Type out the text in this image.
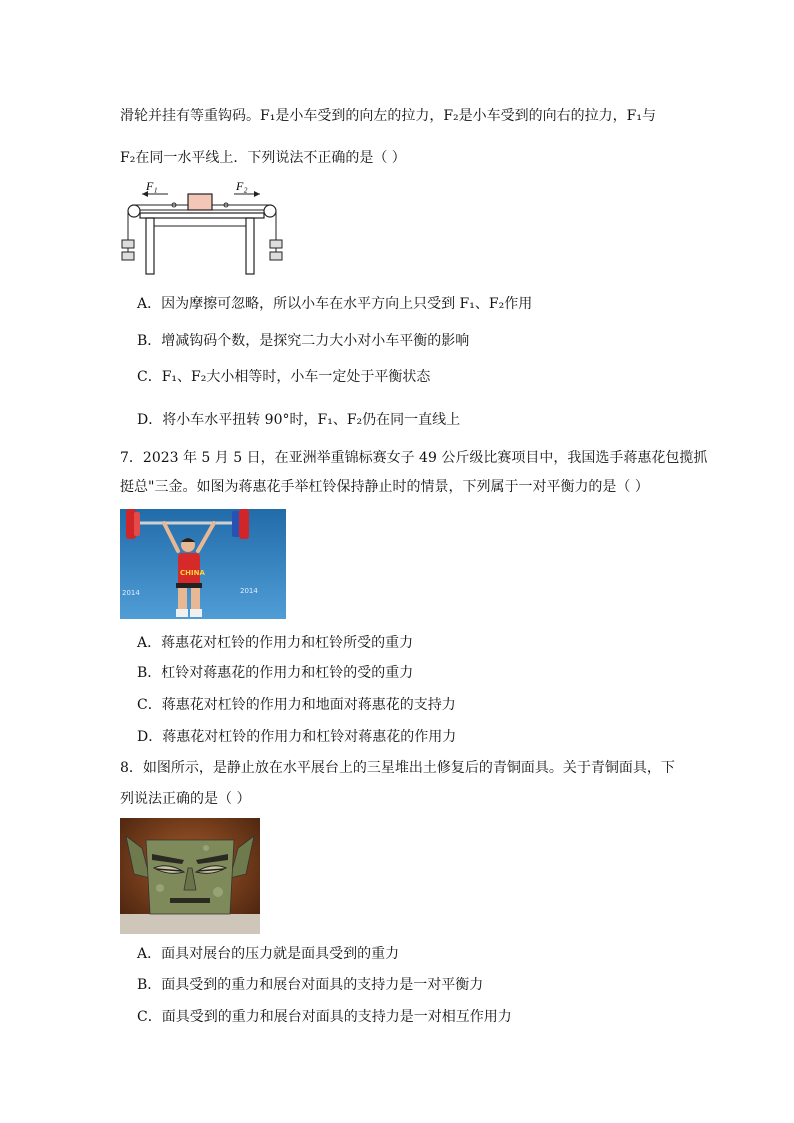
滑轮并挂有等重钩码。F₁是小车受到的向左的拉力，F₂是小车受到的向右的拉力，F₁与
F₂在同一水平线上．下列说法不正确的是（ ）
F₁	F₂
A．因为摩擦可忽略，所以小车在水平方向上只受到 F₁、F₂作用
B．增减钩码个数，是探究二力大小对小车平衡的影响
C．F₁、F₂大小相等时，小车一定处于平衡状态
D．将小车水平扭转 90°时，F₁、F₂仍在同一直线上
7．2023 年 5 月 5 日，在亚洲举重锦标赛女子 49 公斤级比赛项目中，我国选手蒋惠花包揽抓
挺总"三金。如图为蒋惠花手举杠铃保持静止时的情景，下列属于一对平衡力的是（ ）
2014	2014
CHINA
A．蒋惠花对杠铃的作用力和杠铃所受的重力
B．杠铃对蒋惠花的作用力和杠铃的受的重力
C．蒋惠花对杠铃的作用力和地面对蒋惠花的支持力
D．蒋惠花对杠铃的作用力和杠铃对蒋惠花的作用力
8．如图所示，是静止放在水平展台上的三星堆出土修复后的青铜面具。关于青铜面具，下
列说法正确的是（ ）
A．面具对展台的压力就是面具受到的重力
B．面具受到的重力和展台对面具的支持力是一对平衡力
C．面具受到的重力和展台对面具的支持力是一对相互作用力
